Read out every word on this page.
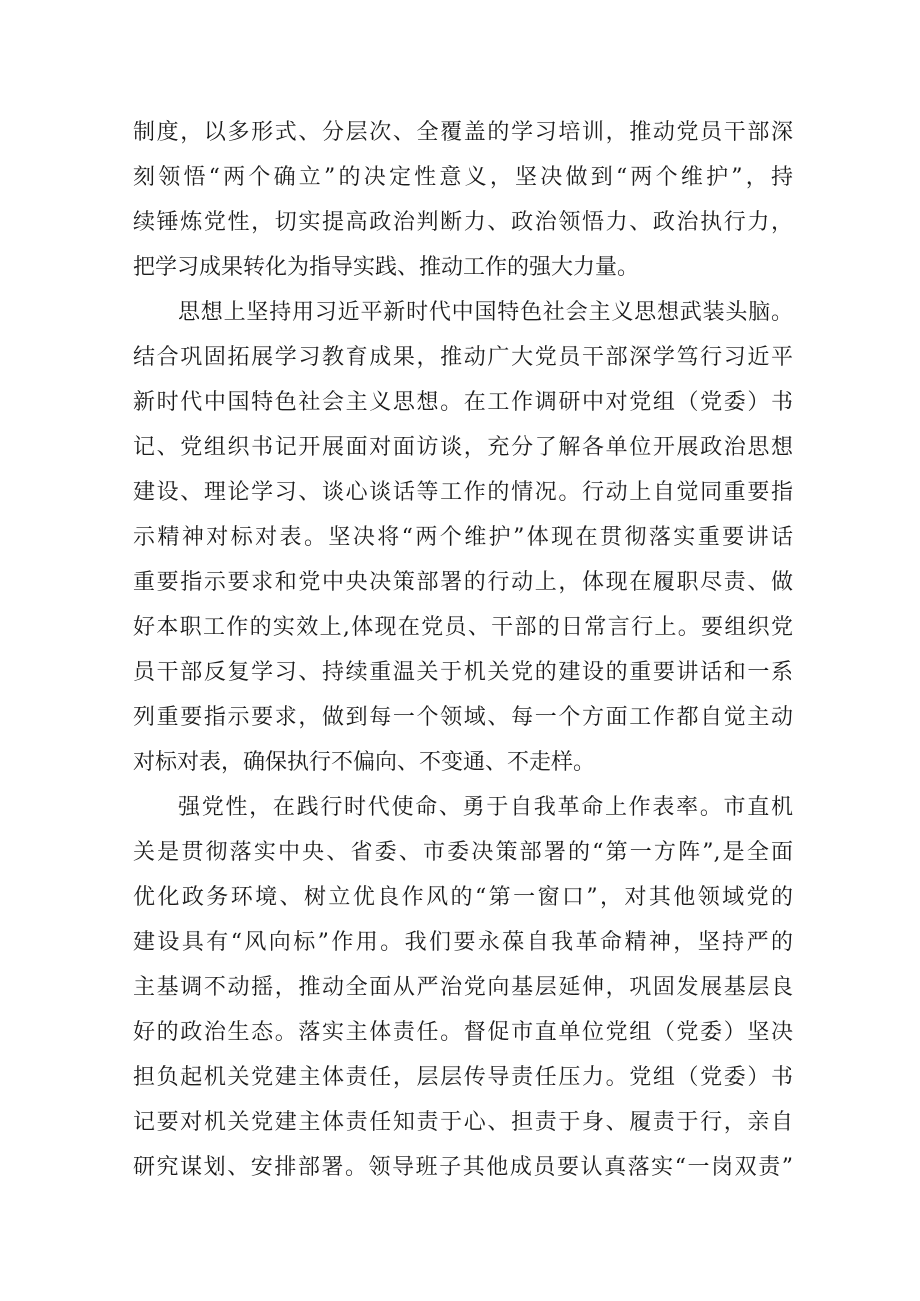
制度，以多形式、分层次、全覆盖的学习培训，推动党员干部深

刻领悟“两个确立”的决定性意义，坚决做到“两个维护”，持

续锤炼党性，切实提高政治判断力、政治领悟力、政治执行力，

把学习成果转化为指导实践、推动工作的强大力量。

思想上坚持用习近平新时代中国特色社会主义思想武装头脑。

结合巩固拓展学习教育成果，推动广大党员干部深学笃行习近平

新时代中国特色社会主义思想。在工作调研中对党组（党委）书

记、党组织书记开展面对面访谈，充分了解各单位开展政治思想

建设、理论学习、谈心谈话等工作的情况。行动上自觉同重要指

示精神对标对表。坚决将“两个维护”体现在贯彻落实重要讲话

重要指示要求和党中央决策部署的行动上，体现在履职尽责、做

好本职工作的实效上,体现在党员、干部的日常言行上。要组织党

员干部反复学习、持续重温关于机关党的建设的重要讲话和一系

列重要指示要求，做到每一个领域、每一个方面工作都自觉主动

对标对表，确保执行不偏向、不变通、不走样。

强党性，在践行时代使命、勇于自我革命上作表率。市直机

关是贯彻落实中央、省委、市委决策部署的“第一方阵”,是全面

优化政务环境、树立优良作风的“第一窗口”，对其他领域党的

建设具有“风向标”作用。我们要永葆自我革命精神，坚持严的

主基调不动摇，推动全面从严治党向基层延伸，巩固发展基层良

好的政治生态。落实主体责任。督促市直单位党组（党委）坚决

担负起机关党建主体责任，层层传导责任压力。党组（党委）书

记要对机关党建主体责任知责于心、担责于身、履责于行，亲自

研究谋划、安排部署。领导班子其他成员要认真落实“一岗双责”
